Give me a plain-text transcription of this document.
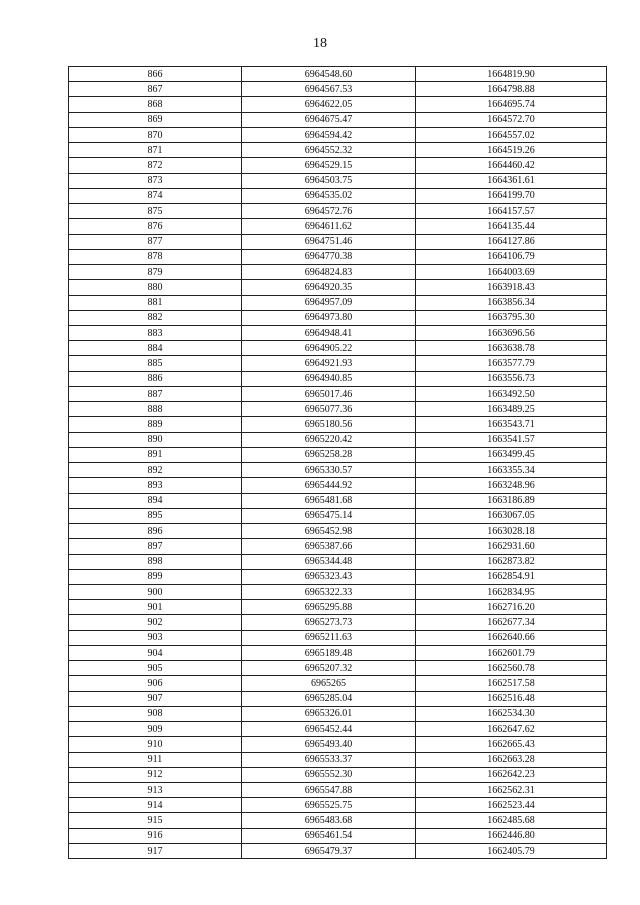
18
866	6964548.60	1664819.90
867	6964567.53	1664798.88
868	6964622.05	1664695.74
869	6964675.47	1664572.70
870	6964594.42	1664557.02
871	6964552.32	1664519.26
872	6964529.15	1664460.42
873	6964503.75	1664361.61
874	6964535.02	1664199.70
875	6964572.76	1664157.57
876	6964611.62	1664135.44
877	6964751.46	1664127.86
878	6964770.38	1664106.79
879	6964824.83	1664003.69
880	6964920.35	1663918.43
881	6964957.09	1663856.34
882	6964973.80	1663795.30
883	6964948.41	1663696.56
884	6964905.22	1663638.78
885	6964921.93	1663577.79
886	6964940.85	1663556.73
887	6965017.46	1663492.50
888	6965077.36	1663489.25
889	6965180.56	1663543.71
890	6965220.42	1663541.57
891	6965258.28	1663499.45
892	6965330.57	1663355.34
893	6965444.92	1663248.96
894	6965481.68	1663186.89
895	6965475.14	1663067.05
896	6965452.98	1663028.18
897	6965387.66	1662931.60
898	6965344.48	1662873.82
899	6965323.43	1662854.91
900	6965322.33	1662834.95
901	6965295.88	1662716.20
902	6965273.73	1662677.34
903	6965211.63	1662640.66
904	6965189.48	1662601.79
905	6965207.32	1662560.78
906	6965265	1662517.58
907	6965285.04	1662516.48
908	6965326.01	1662534.30
909	6965452.44	1662647.62
910	6965493.40	1662665.43
911	6965533.37	1662663.28
912	6965552.30	1662642.23
913	6965547.88	1662562.31
914	6965525.75	1662523.44
915	6965483.68	1662485.68
916	6965461.54	1662446.80
917	6965479.37	1662405.79
